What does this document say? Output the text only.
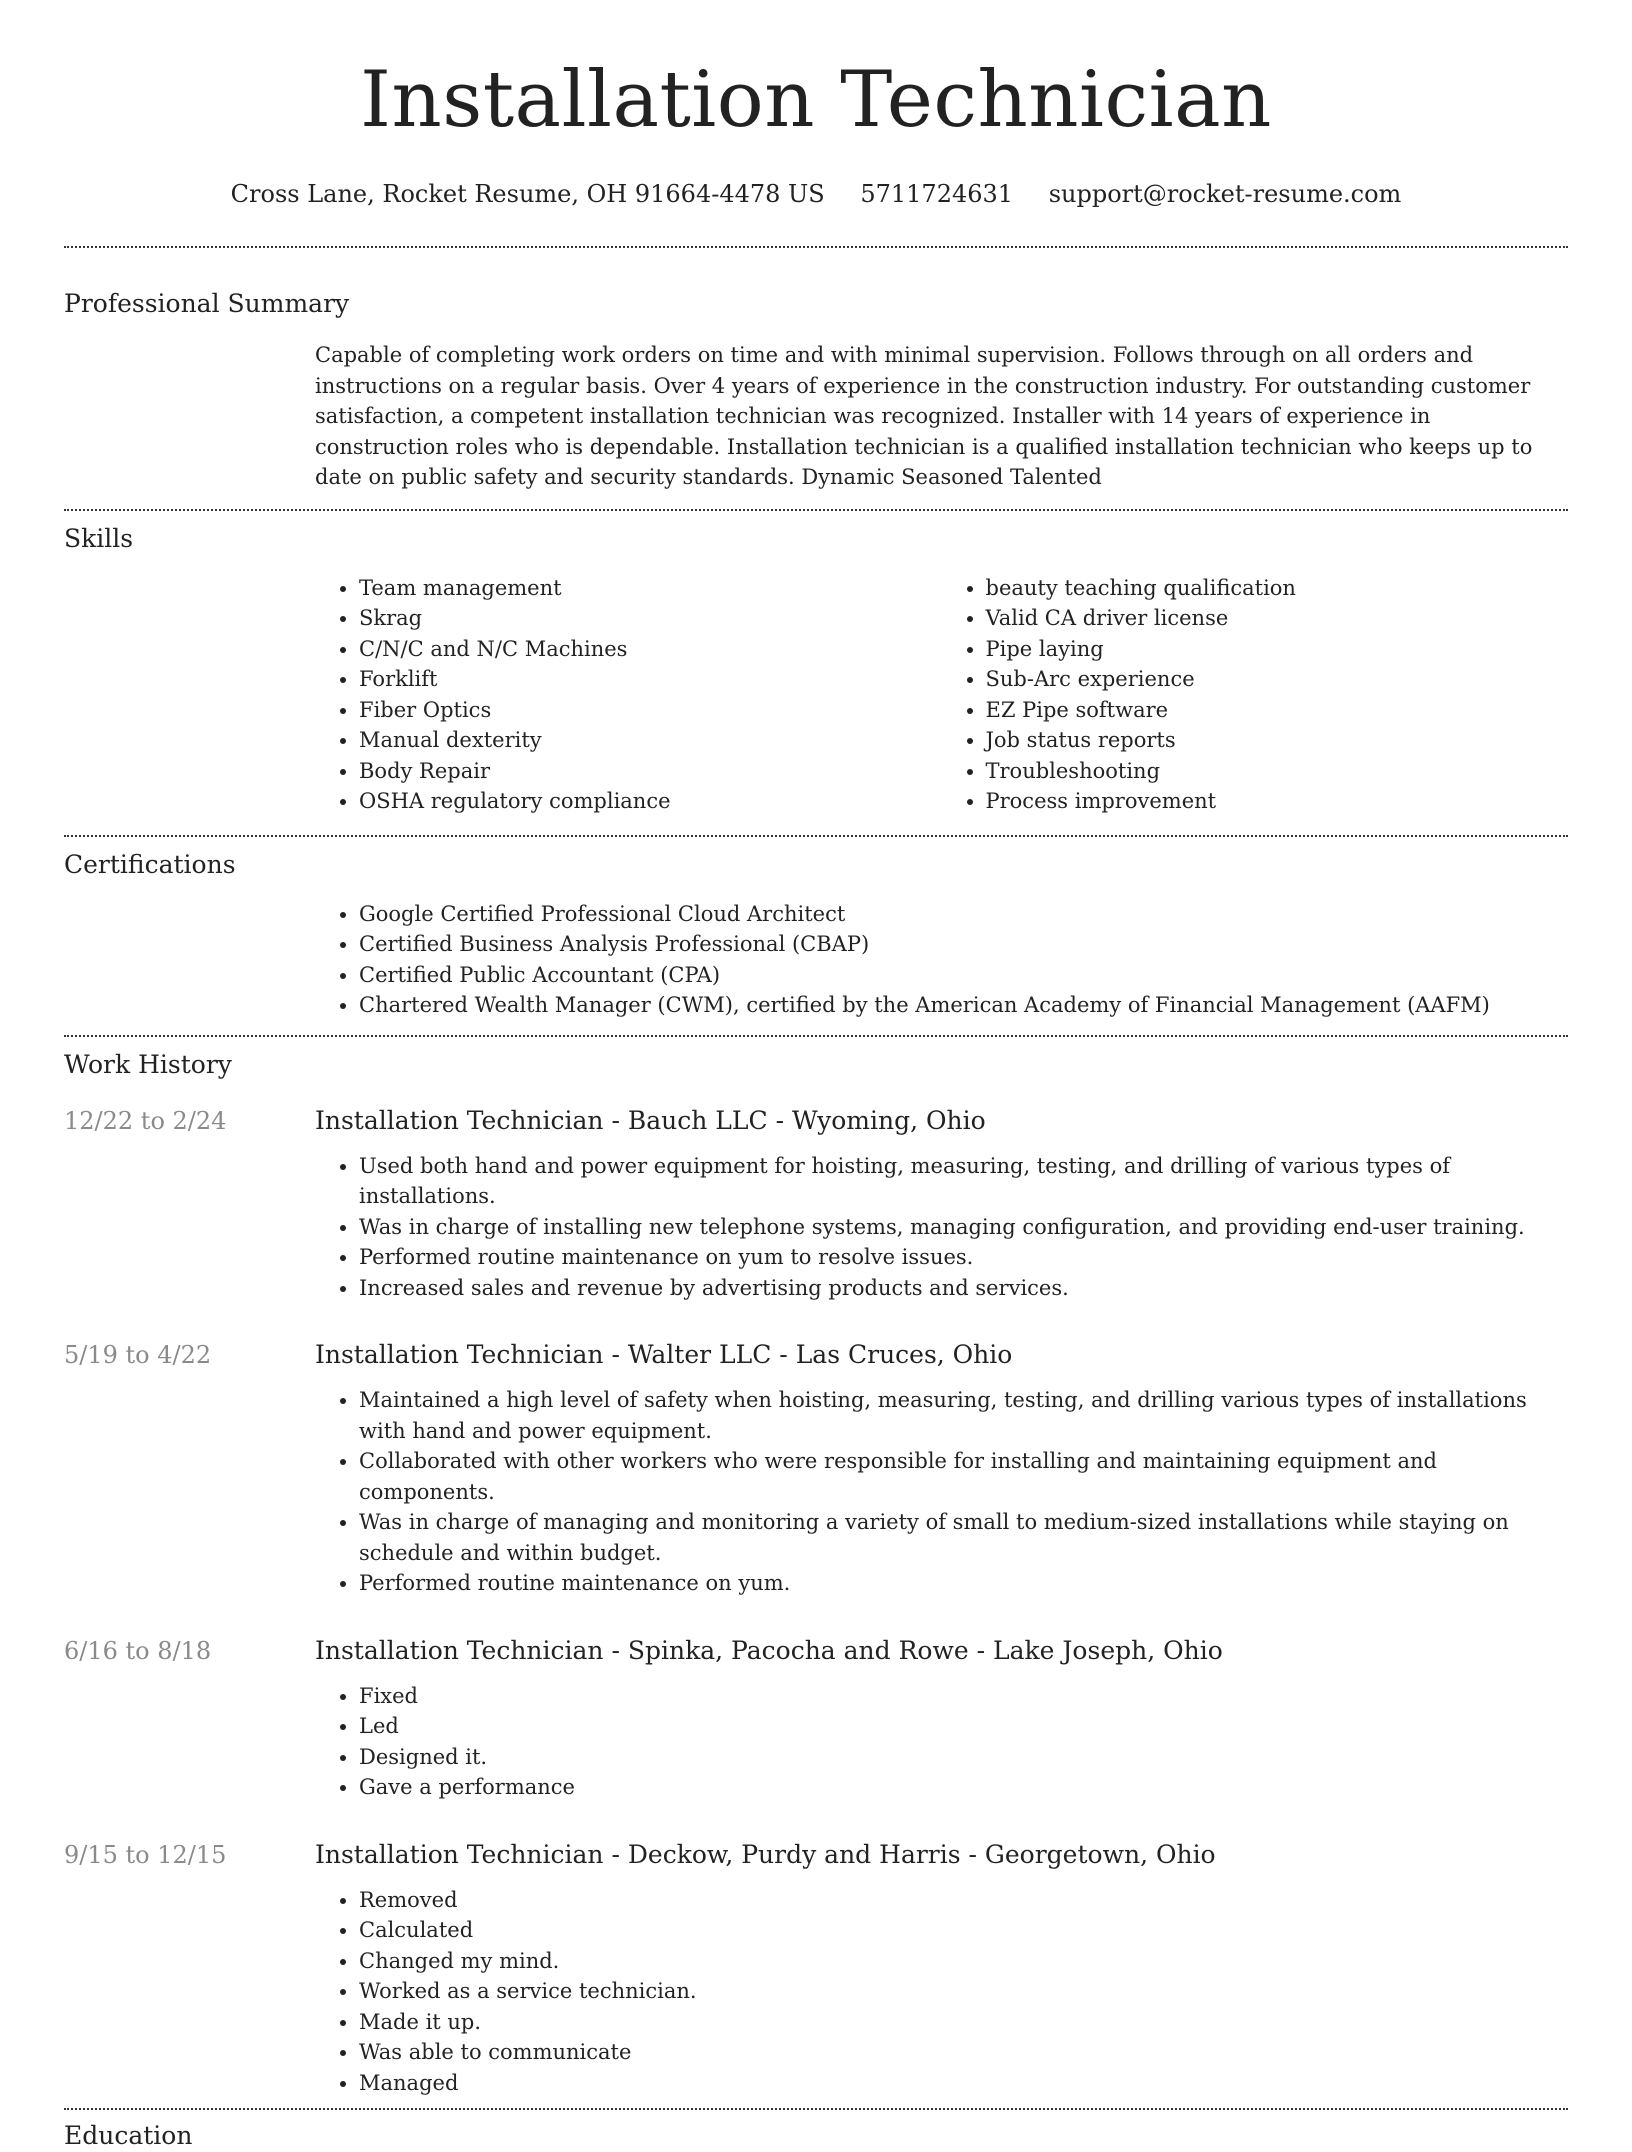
Installation Technician
Cross Lane, Rocket Resume, OH 91664-4478 US 5711724631 support@rocket-resume.com
Professional Summary
Capable of completing work orders on time and with minimal supervision. Follows through on all orders and instructions on a regular basis. Over 4 years of experience in the construction industry. For outstanding customer satisfaction, a competent installation technician was recognized. Installer with 14 years of experience in construction roles who is dependable. Installation technician is a qualified installation technician who keeps up to date on public safety and security standards. Dynamic Seasoned Talented
Skills
• Team management
• Skrag
• C/N/C and N/C Machines
• Forklift
• Fiber Optics
• Manual dexterity
• Body Repair
• OSHA regulatory compliance
• beauty teaching qualification
• Valid CA driver license
• Pipe laying
• Sub-Arc experience
• EZ Pipe software
• Job status reports
• Troubleshooting
• Process improvement
Certifications
• Google Certified Professional Cloud Architect
• Certified Business Analysis Professional (CBAP)
• Certified Public Accountant (CPA)
• Chartered Wealth Manager (CWM), certified by the American Academy of Financial Management (AAFM)
Work History
12/22 to 2/24	Installation Technician - Bauch LLC - Wyoming, Ohio
• Used both hand and power equipment for hoisting, measuring, testing, and drilling of various types of installations.
• Was in charge of installing new telephone systems, managing configuration, and providing end-user training.
• Performed routine maintenance on yum to resolve issues.
• Increased sales and revenue by advertising products and services.
5/19 to 4/22	Installation Technician - Walter LLC - Las Cruces, Ohio
• Maintained a high level of safety when hoisting, measuring, testing, and drilling various types of installations with hand and power equipment.
• Collaborated with other workers who were responsible for installing and maintaining equipment and components.
• Was in charge of managing and monitoring a variety of small to medium-sized installations while staying on schedule and within budget.
• Performed routine maintenance on yum.
6/16 to 8/18	Installation Technician - Spinka, Pacocha and Rowe - Lake Joseph, Ohio
• Fixed
• Led
• Designed it.
• Gave a performance
9/15 to 12/15	Installation Technician - Deckow, Purdy and Harris - Georgetown, Ohio
• Removed
• Calculated
• Changed my mind.
• Worked as a service technician.
• Made it up.
• Was able to communicate
• Managed
Education
